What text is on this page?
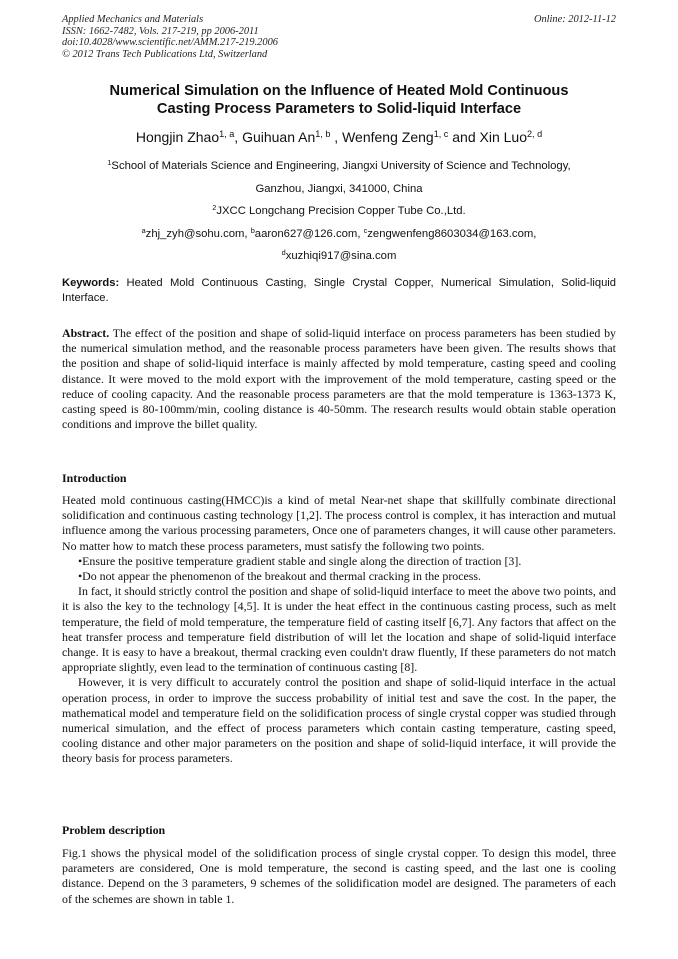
Applied Mechanics and Materials
ISSN: 1662-7482, Vols. 217-219, pp 2006-2011
doi:10.4028/www.scientific.net/AMM.217-219.2006
© 2012 Trans Tech Publications Ltd, Switzerland
Online: 2012-11-12
Numerical Simulation on the Influence of Heated Mold Continuous
Casting Process Parameters to Solid-liquid Interface
Hongjin Zhao$^{1, a}$, Guihuan An$^{1, b}$ , Wenfeng Zeng$^{1, c}$ and Xin Luo$^{2, d}$
$^1$School of Materials Science and Engineering, Jiangxi University of Science and Technology,
Ganzhou, Jiangxi, 341000, China
$^2$JXCC Longchang Precision Copper Tube Co.,Ltd.
$^a$zhj_zyh@sohu.com, $^b$aaron627@126.com, $^c$zengwenfeng8603034@163.com,
$^d$xuzhiqi917@sina.com
Keywords: Heated Mold Continuous Casting, Single Crystal Copper, Numerical Simulation, Solid-liquid Interface.

Abstract. The effect of the position and shape of solid-liquid interface on process parameters has been studied by the numerical simulation method, and the reasonable process parameters have been given. The results shows that the position and shape of solid-liquid interface is mainly affected by mold temperature, casting speed and cooling distance. It were moved to the mold export with the improvement of the mold temperature, casting speed or the reduce of cooling capacity. And the reasonable process parameters are that the mold temperature is 1363-1373 K, casting speed is 80-100mm/min, cooling distance is 40-50mm. The research results would obtain stable operation conditions and improve the billet quality.

Introduction

Heated mold continuous casting(HMCC)is a kind of metal Near-net shape that skillfully combinate directional solidification and continuous casting technology [1,2]. The process control is complex, it has interaction and mutual influence among the various processing parameters, Once one of parameters changes, it will cause other parameters. No matter how to match these process parameters, must satisfy the following two points.

•Ensure the positive temperature gradient stable and single along the direction of traction [3].

•Do not appear the phenomenon of the breakout and thermal cracking in the process.

In fact, it should strictly control the position and shape of solid-liquid interface to meet the above two points, and it is also the key to the technology [4,5]. It is under the heat effect in the continuous casting process, such as melt temperature, the field of mold temperature, the temperature field of casting itself [6,7]. Any factors that affect on the heat transfer process and temperature field distribution of will let the location and shape of solid-liquid interface change. It is easy to have a breakout, thermal cracking even couldn't draw fluently, If these parameters do not match appropriate slightly, even lead to the termination of continuous casting [8].

However, it is very difficult to accurately control the position and shape of solid-liquid interface in the actual operation process, in order to improve the success probability of initial test and save the cost. In the paper, the mathematical model and temperature field on the solidification process of single crystal copper was studied through numerical simulation, and the effect of process parameters which contain casting temperature, casting speed, cooling distance and other major parameters on the position and shape of solid-liquid interface, it will provide the theory basis for process parameters.

Problem description

Fig.1 shows the physical model of the solidification process of single crystal copper. To design this model, three parameters are considered, One is mold temperature, the second is casting speed, and the last one is cooling distance. Depend on the 3 parameters, 9 schemes of the solidification model are designed. The parameters of each of the schemes are shown in table 1.
